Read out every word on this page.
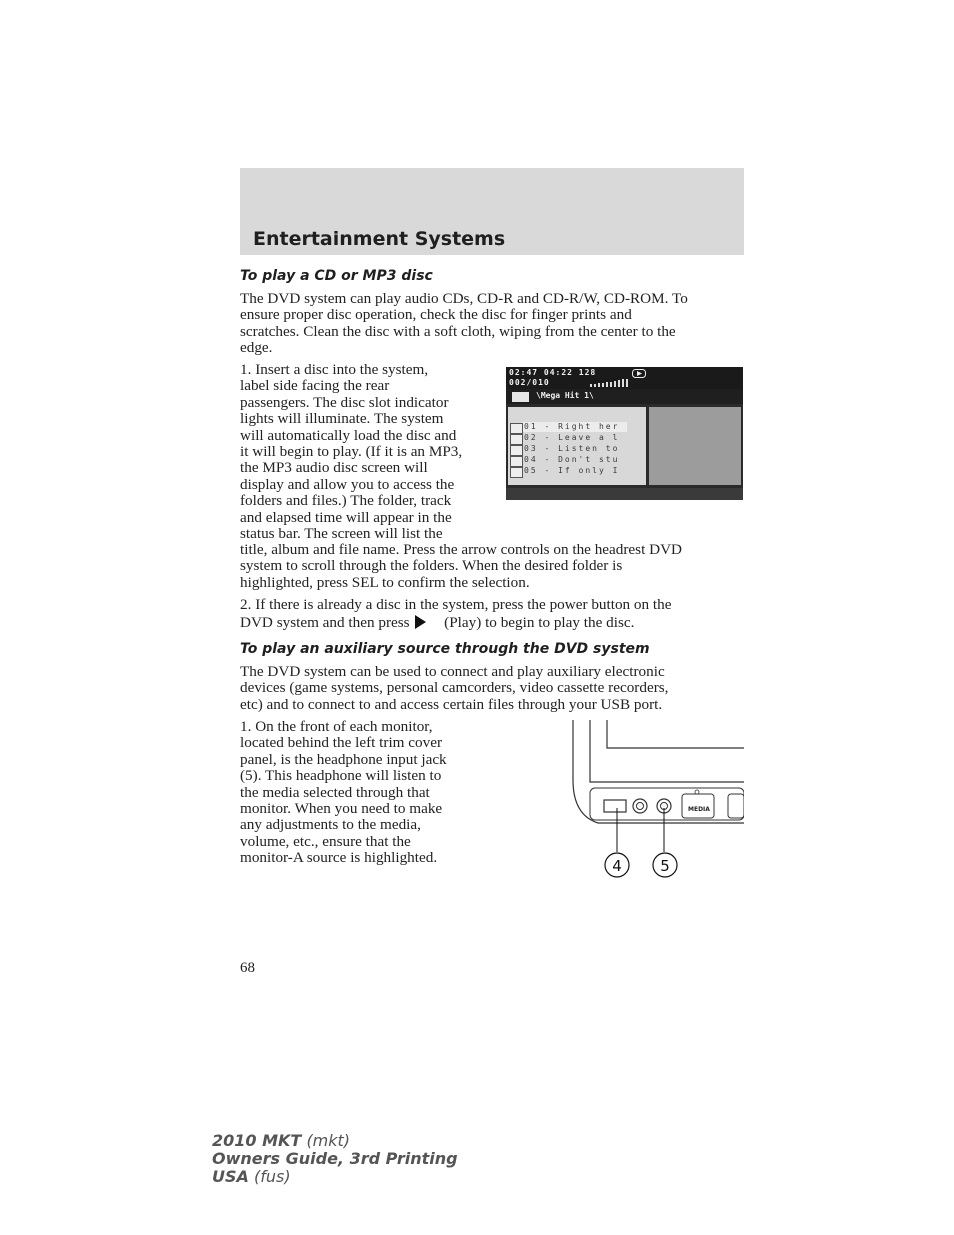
Entertainment Systems
To play a CD or MP3 disc
The DVD system can play audio CDs, CD-R and CD-R/W, CD-ROM. To
ensure proper disc operation, check the disc for finger prints and
scratches. Clean the disc with a soft cloth, wiping from the center to the
edge.
1. Insert a disc into the system,
label side facing the rear
passengers. The disc slot indicator
lights will illuminate. The system
will automatically load the disc and
it will begin to play. (If it is an MP3,
the MP3 audio disc screen will
display and allow you to access the
folders and files.) The folder, track
and elapsed time will appear in the
status bar. The screen will list the
title, album and file name. Press the arrow controls on the headrest DVD
system to scroll through the folders. When the desired folder is
highlighted, press SEL to confirm the selection.
2. If there is already a disc in the system, press the power button on the
DVD system and then press (Play) to begin to play the disc.
02:47 04:22 128
002/010
\Mega Hit 1\
01 - Right her
02 - Leave a l
03 - Listen to
04 - Don't stu
05 - If only I
To play an auxiliary source through the DVD system
The DVD system can be used to connect and play auxiliary electronic
devices (game systems, personal camcorders, video cassette recorders,
etc) and to connect to and access certain files through your USB port.
1. On the front of each monitor,
located behind the left trim cover
panel, is the headphone input jack
(5). This headphone will listen to
the media selected through that
monitor. When you need to make
any adjustments to the media,
volume, etc., ensure that the
monitor-A source is highlighted.
MEDIA
4	5
68
2010 MKT (mkt)
Owners Guide, 3rd Printing
USA (fus)
